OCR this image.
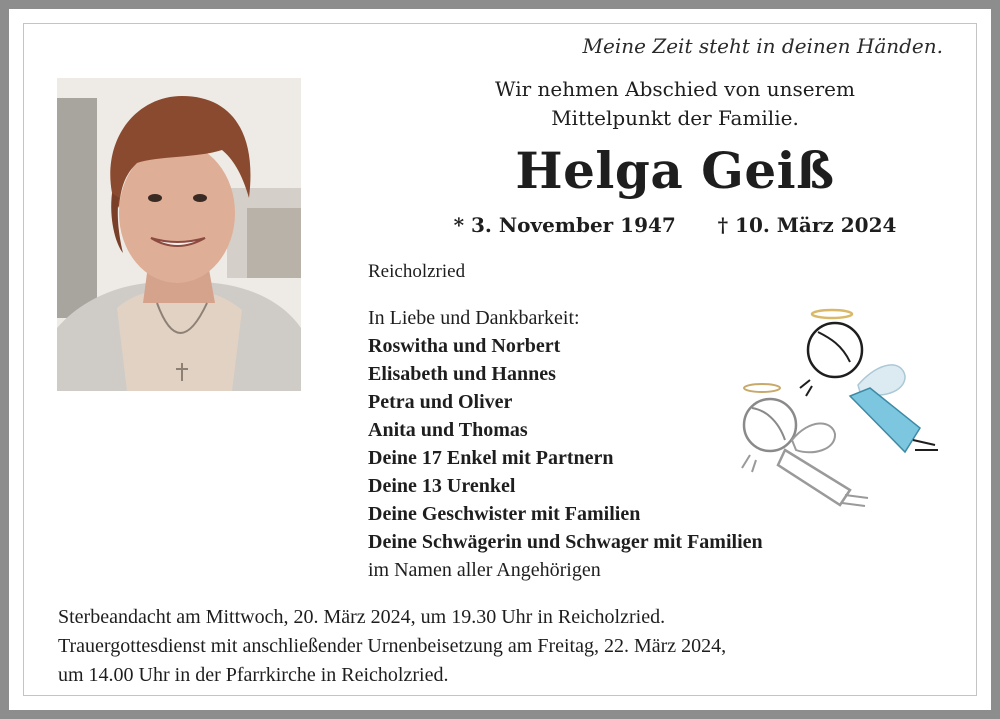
Meine Zeit steht in deinen Händen.
Wir nehmen Abschied von unserem
Mittelpunkt der Familie.
Helga Geiß
* 3. November 1947 † 10. März 2024
Reicholzried
In Liebe und Dankbarkeit:
Roswitha und Norbert
Elisabeth und Hannes
Petra und Oliver
Anita und Thomas
Deine 17 Enkel mit Partnern
Deine 13 Urenkel
Deine Geschwister mit Familien
Deine Schwägerin und Schwager mit Familien
im Namen aller Angehörigen
Sterbeandacht am Mittwoch, 20. März 2024, um 19.30 Uhr in Reicholzried.
Trauergottesdienst mit anschließender Urnenbeisetzung am Freitag, 22. März 2024,
um 14.00 Uhr in der Pfarrkirche in Reicholzried.
